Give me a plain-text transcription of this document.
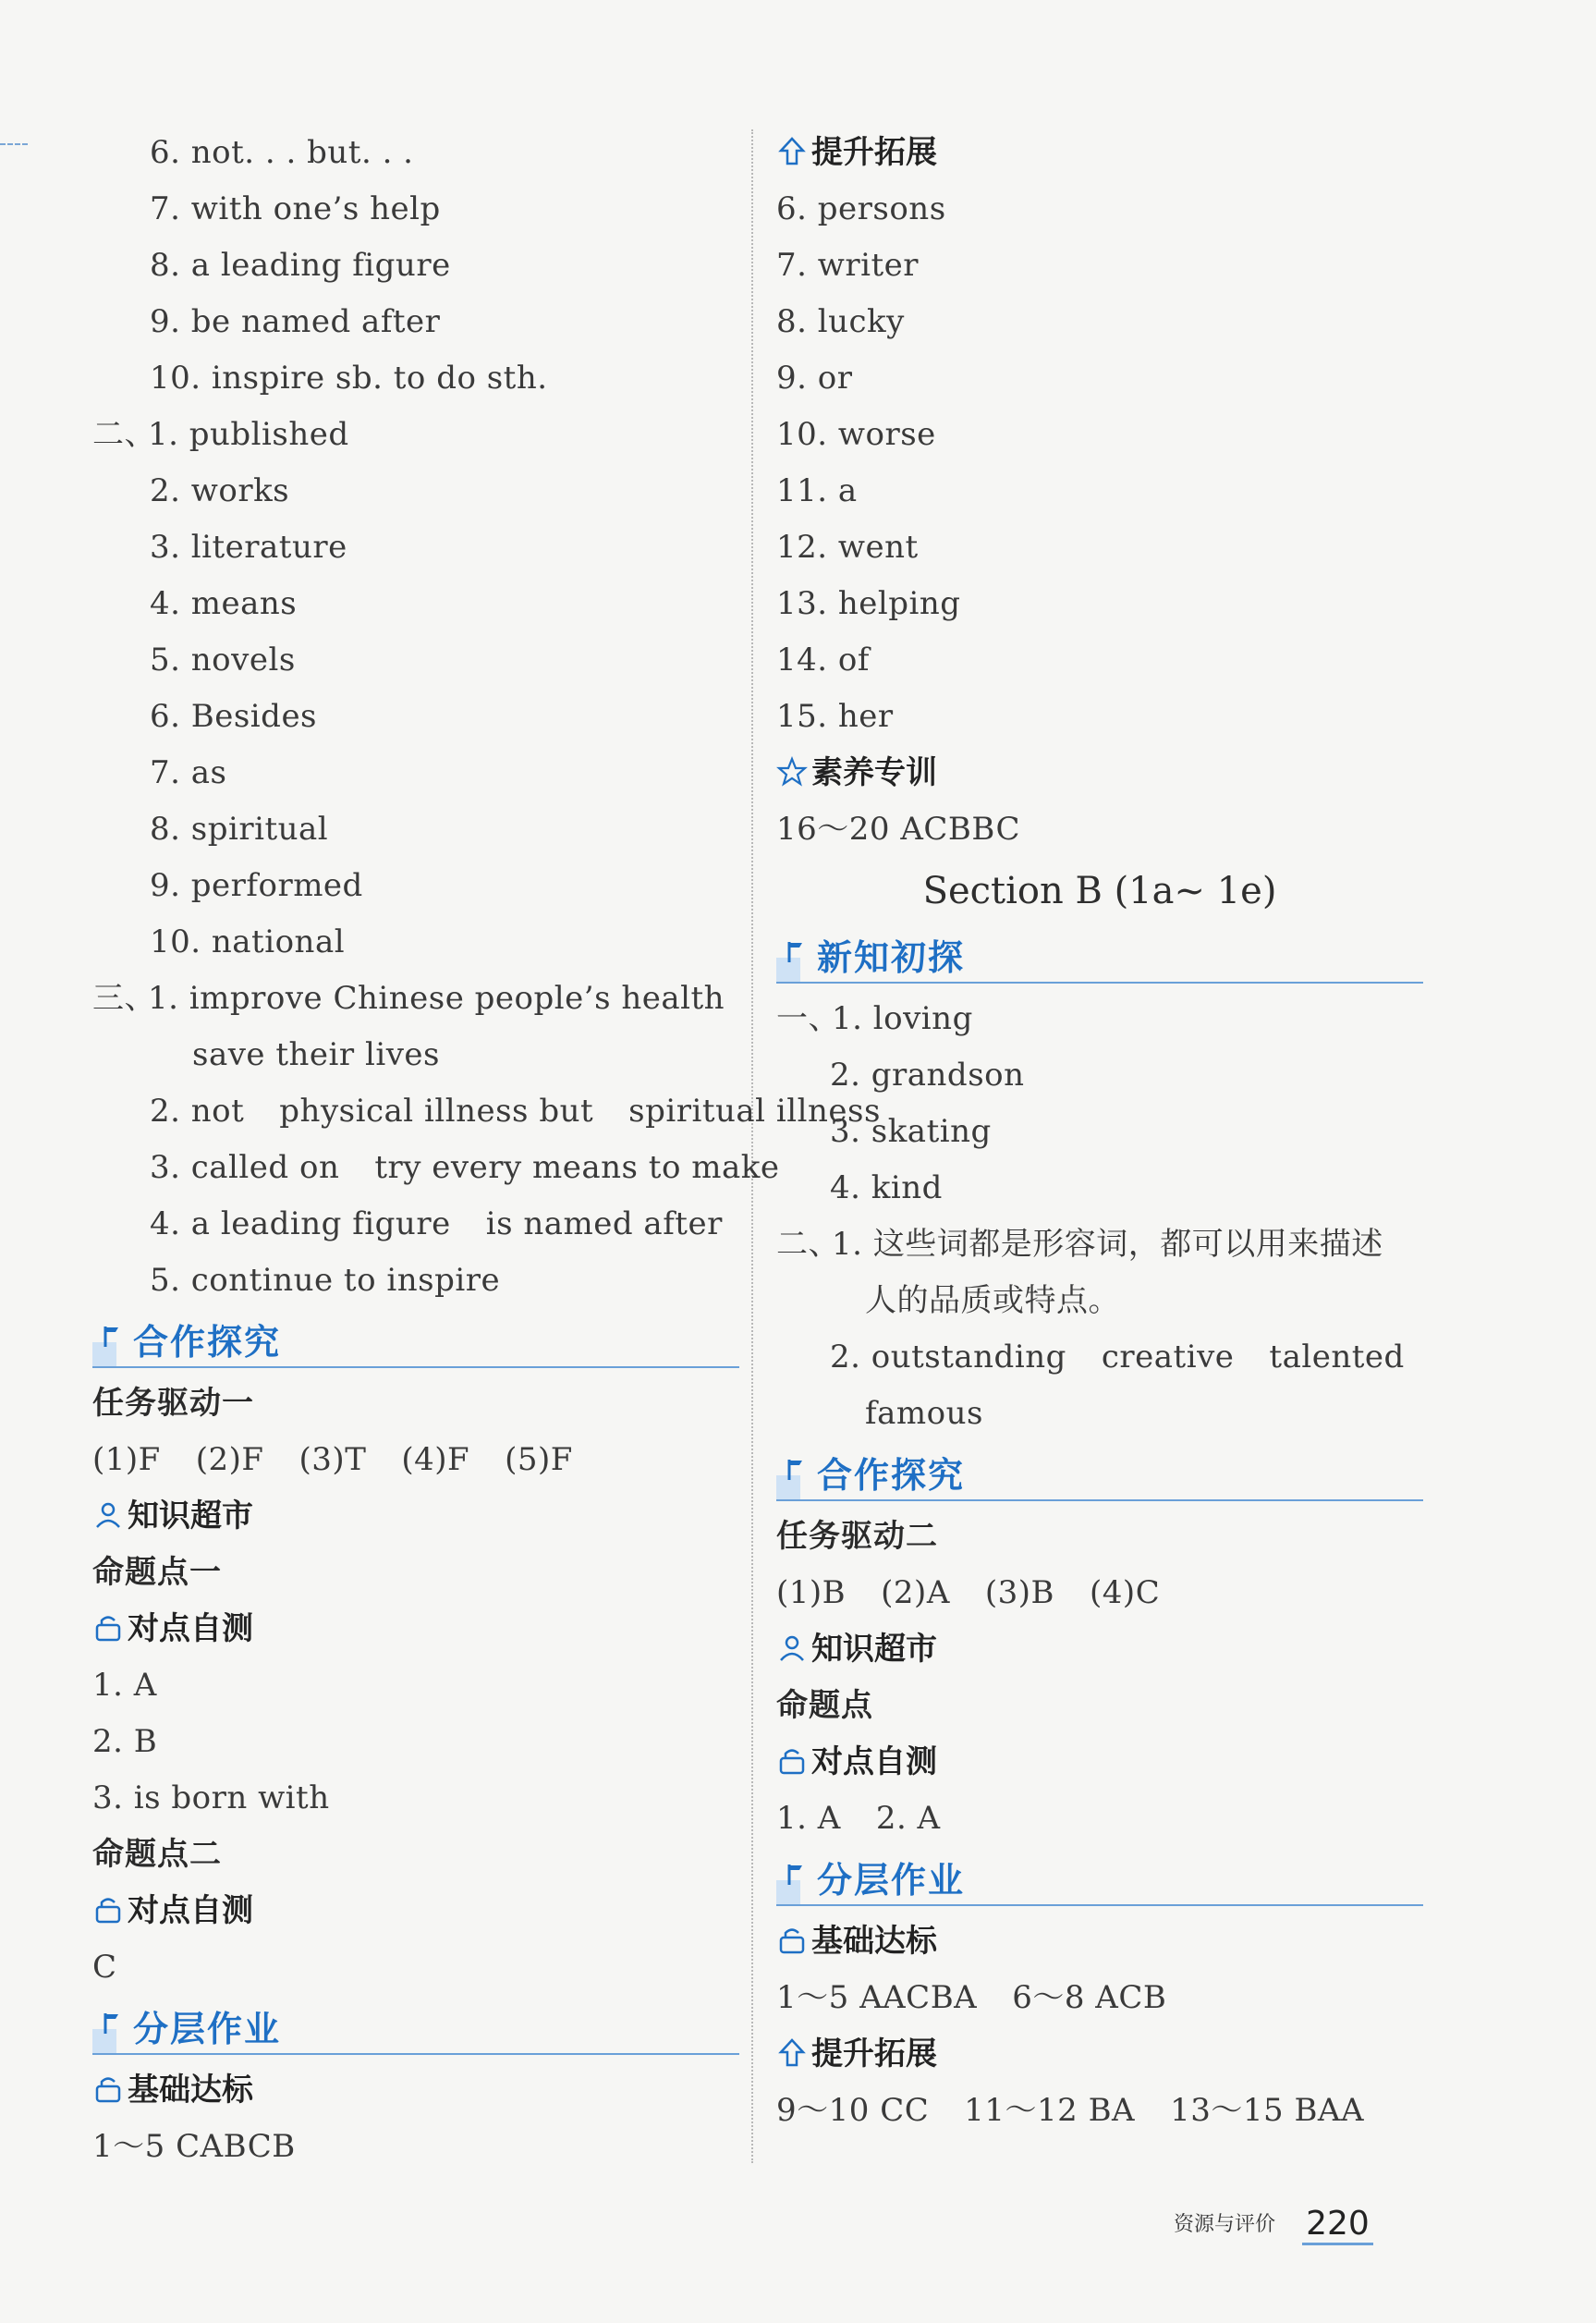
6. not. . . but. . .
7. with one’s help
8. a leading figure
9. be named after
10. inspire sb. to do sth.
二、1. published
2. works
3. literature
4. means
5. novels
6. Besides
7. as
8. spiritual
9. performed
10. national
三、1. improve Chinese people’s health
save their lives
2. not physical illness but spiritual illness
3. called on try every means to make
4. a leading figure is named after
5. continue to inspire
合作探究
任务驱动一
(1)F (2)F (3)T (4)F (5)F
知识超市
命题点一
对点自测
1. A
2. B
3. is born with
命题点二
对点自测
C
分层作业
基础达标
1～5 CABCB
提升拓展
6. persons
7. writer
8. lucky
9. or
10. worse
11. a
12. went
13. helping
14. of
15. her
素养专训
16～20 ACBBC
Section B (1a~ 1e)
新知初探
一、1. loving
2. grandson
3. skating
4. kind
二、1. 这些词都是形容词，都可以用来描述
人的品质或特点。
2. outstanding creative talented
famous
合作探究
任务驱动二
(1)B (2)A (3)B (4)C
知识超市
命题点
对点自测
1. A 2. A
分层作业
基础达标
1～5 AACBA 6～8 ACB
提升拓展
9～10 CC 11～12 BA 13～15 BAA
资源与评价 220
